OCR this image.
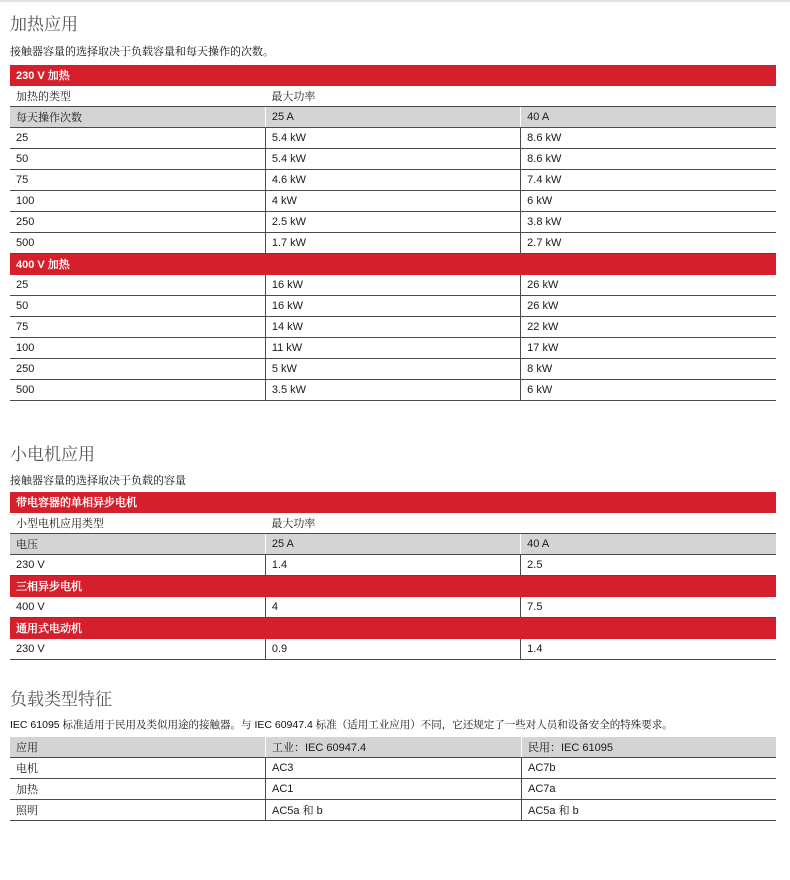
加热应用
接触器容量的选择取决于负载容量和每天操作的次数。
230 V 加热		
加热的类型	最大功率	
每天操作次数	25 A	40 A
25	5.4 kW	8.6 kW
50	5.4 kW	8.6 kW
75	4.6 kW	7.4 kW
100	4 kW	6 kW
250	2.5 kW	3.8 kW
500	1.7 kW	2.7 kW
400 V 加热		
25	16 kW	26 kW
50	16 kW	26 kW
75	14 kW	22 kW
100	11 kW	17 kW
250	5 kW	8 kW
500	3.5 kW	6 kW
小电机应用
接触器容量的选择取决于负载的容量
带电容器的单相异步电机		
小型电机应用类型	最大功率	
电压	25 A	40 A
230 V	1.4	2.5
三相异步电机		
400 V	4	7.5
通用式电动机		
230 V	0.9	1.4
负载类型特征
IEC 61095 标准适用于民用及类似用途的接触器。与 IEC 60947.4 标准（适用工业应用）不同，它还规定了一些对人员和设备安全的特殊要求。
应用	工业：IEC 60947.4	民用：IEC 61095
电机	AC3	AC7b
加热	AC1	AC7a
照明	AC5a 和 b	AC5a 和 b
